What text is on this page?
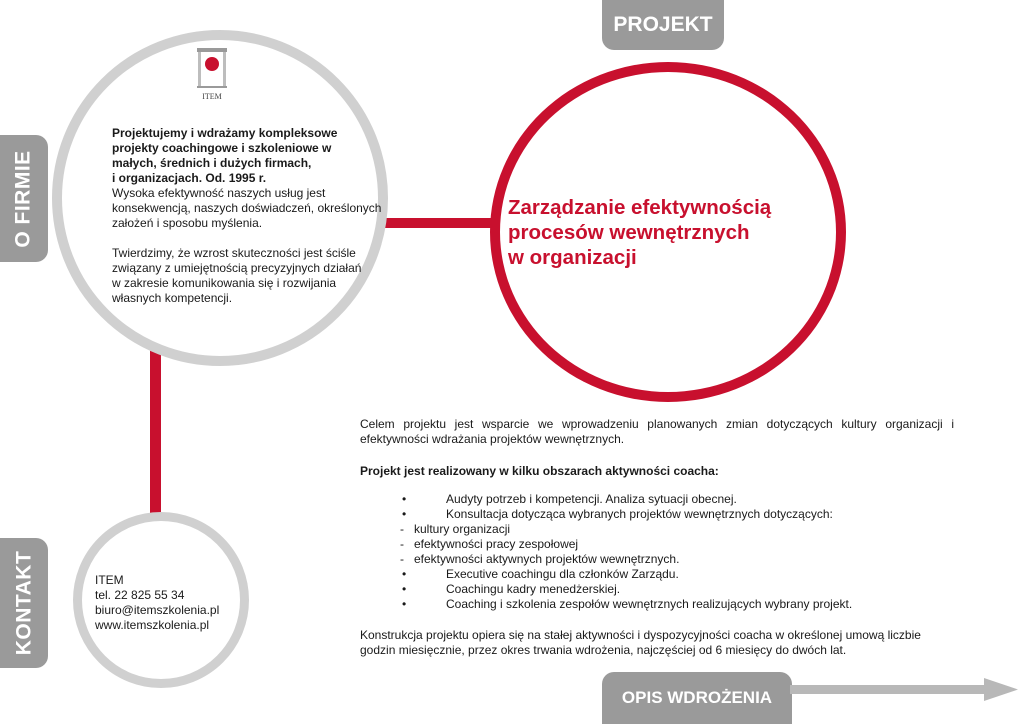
O FIRMIE
KONTAKT
PROJEKT
OPIS WDROŻENIA
ITEM
Projektujemy i wdrażamy kompleksowe
projekty coachingowe i szkoleniowe w
małych, średnich i dużych firmach,
i organizacjach. Od. 1995 r.
Wysoka efektywność naszych usług jest
konsekwencją, naszych doświadczeń, określonych
założeń i sposobu myślenia.
Twierdzimy, że wzrost skuteczności jest ściśle
związany z umiejętnością precyzyjnych działań
w zakresie komunikowania się i rozwijania
własnych kompetencji.
Zarządzanie efektywnością
procesów wewnętrznych
w organizacji
ITEM
tel. 22 825 55 34
biuro@itemszkolenia.pl
www.itemszkolenia.pl
Celem projektu jest wsparcie we wprowadzeniu planowanych zmian dotyczących kultury organizacji i efektywności wdrażania projektów wewnętrznych.
Projekt jest realizowany w kilku obszarach aktywności coacha:
•	Audyty potrzeb i kompetencji. Analiza sytuacji obecnej.
•	Konsultacja dotycząca wybranych projektów wewnętrznych dotyczących:
- kultury organizacji
- efektywności pracy zespołowej
- efektywności aktywnych projektów wewnętrznych.
•	Executive coachingu dla członków Zarządu.
•	Coachingu kadry menedżerskiej.
•	Coaching i szkolenia zespołów wewnętrznych realizujących wybrany projekt.
Konstrukcja projektu opiera się na stałej aktywności i dyspozycyjności coacha w określonej umową liczbie godzin miesięcznie, przez okres trwania wdrożenia, najczęściej od 6 miesięcy do dwóch lat.
